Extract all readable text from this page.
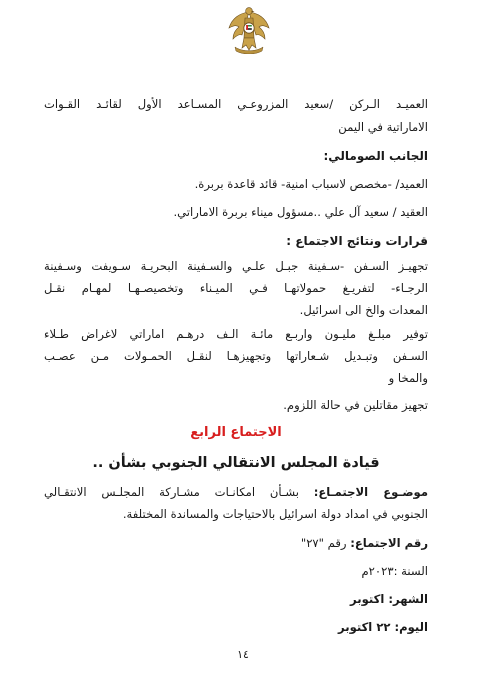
العميـد الـركن /سعيد المزروعـي المسـاعد الأول لقائـد القـوات
الاماراتية في اليمن
الجانب الصومالي:
العميد/ -مخصص لاسباب امنية- قائد قاعدة بربرة.
العقيد / سعيد آل علي ..مسؤول ميناء بربرة الاماراتي.
قرارات ونتائج الاجتماع :
تجهيـز السـفن -سـفينة جبـل علـي والسـفينة البحريـة سـويفت وسـفينة
الرجـاء- لتفريـغ حمولاتهـا فـي الميـناء وتخصيصـهـا لمهـام نقـل
المعدات والخ الى اسرائيل.
توفير مبلـغ مليـون واربـع مائـة الـف درهـم اماراتي لاغراض طـلاء
السـفن وتبـديل شـعاراتها وتجهيزهـا لنقـل الحمـولات مـن عصـب
والمخا و
تجهيز مقاتلين في حالة اللزوم.
الاجتماع الرابع
قيادة المجلس الانتقالي الجنوبي بشأن ..
موضـوع الاجتمـاع: بشـأن امكانـات مشـاركة المجلـس الانتقـالي
الجنوبي في امداد دولة اسرائيل بالاحتياجات والمساندة المختلفة.
رقم الاجتماع: رقم "٢٧"
السنة :٢٠٢٣م
الشهر: اكتوبر
اليوم: ٢٢ اكتوبر
١٤
